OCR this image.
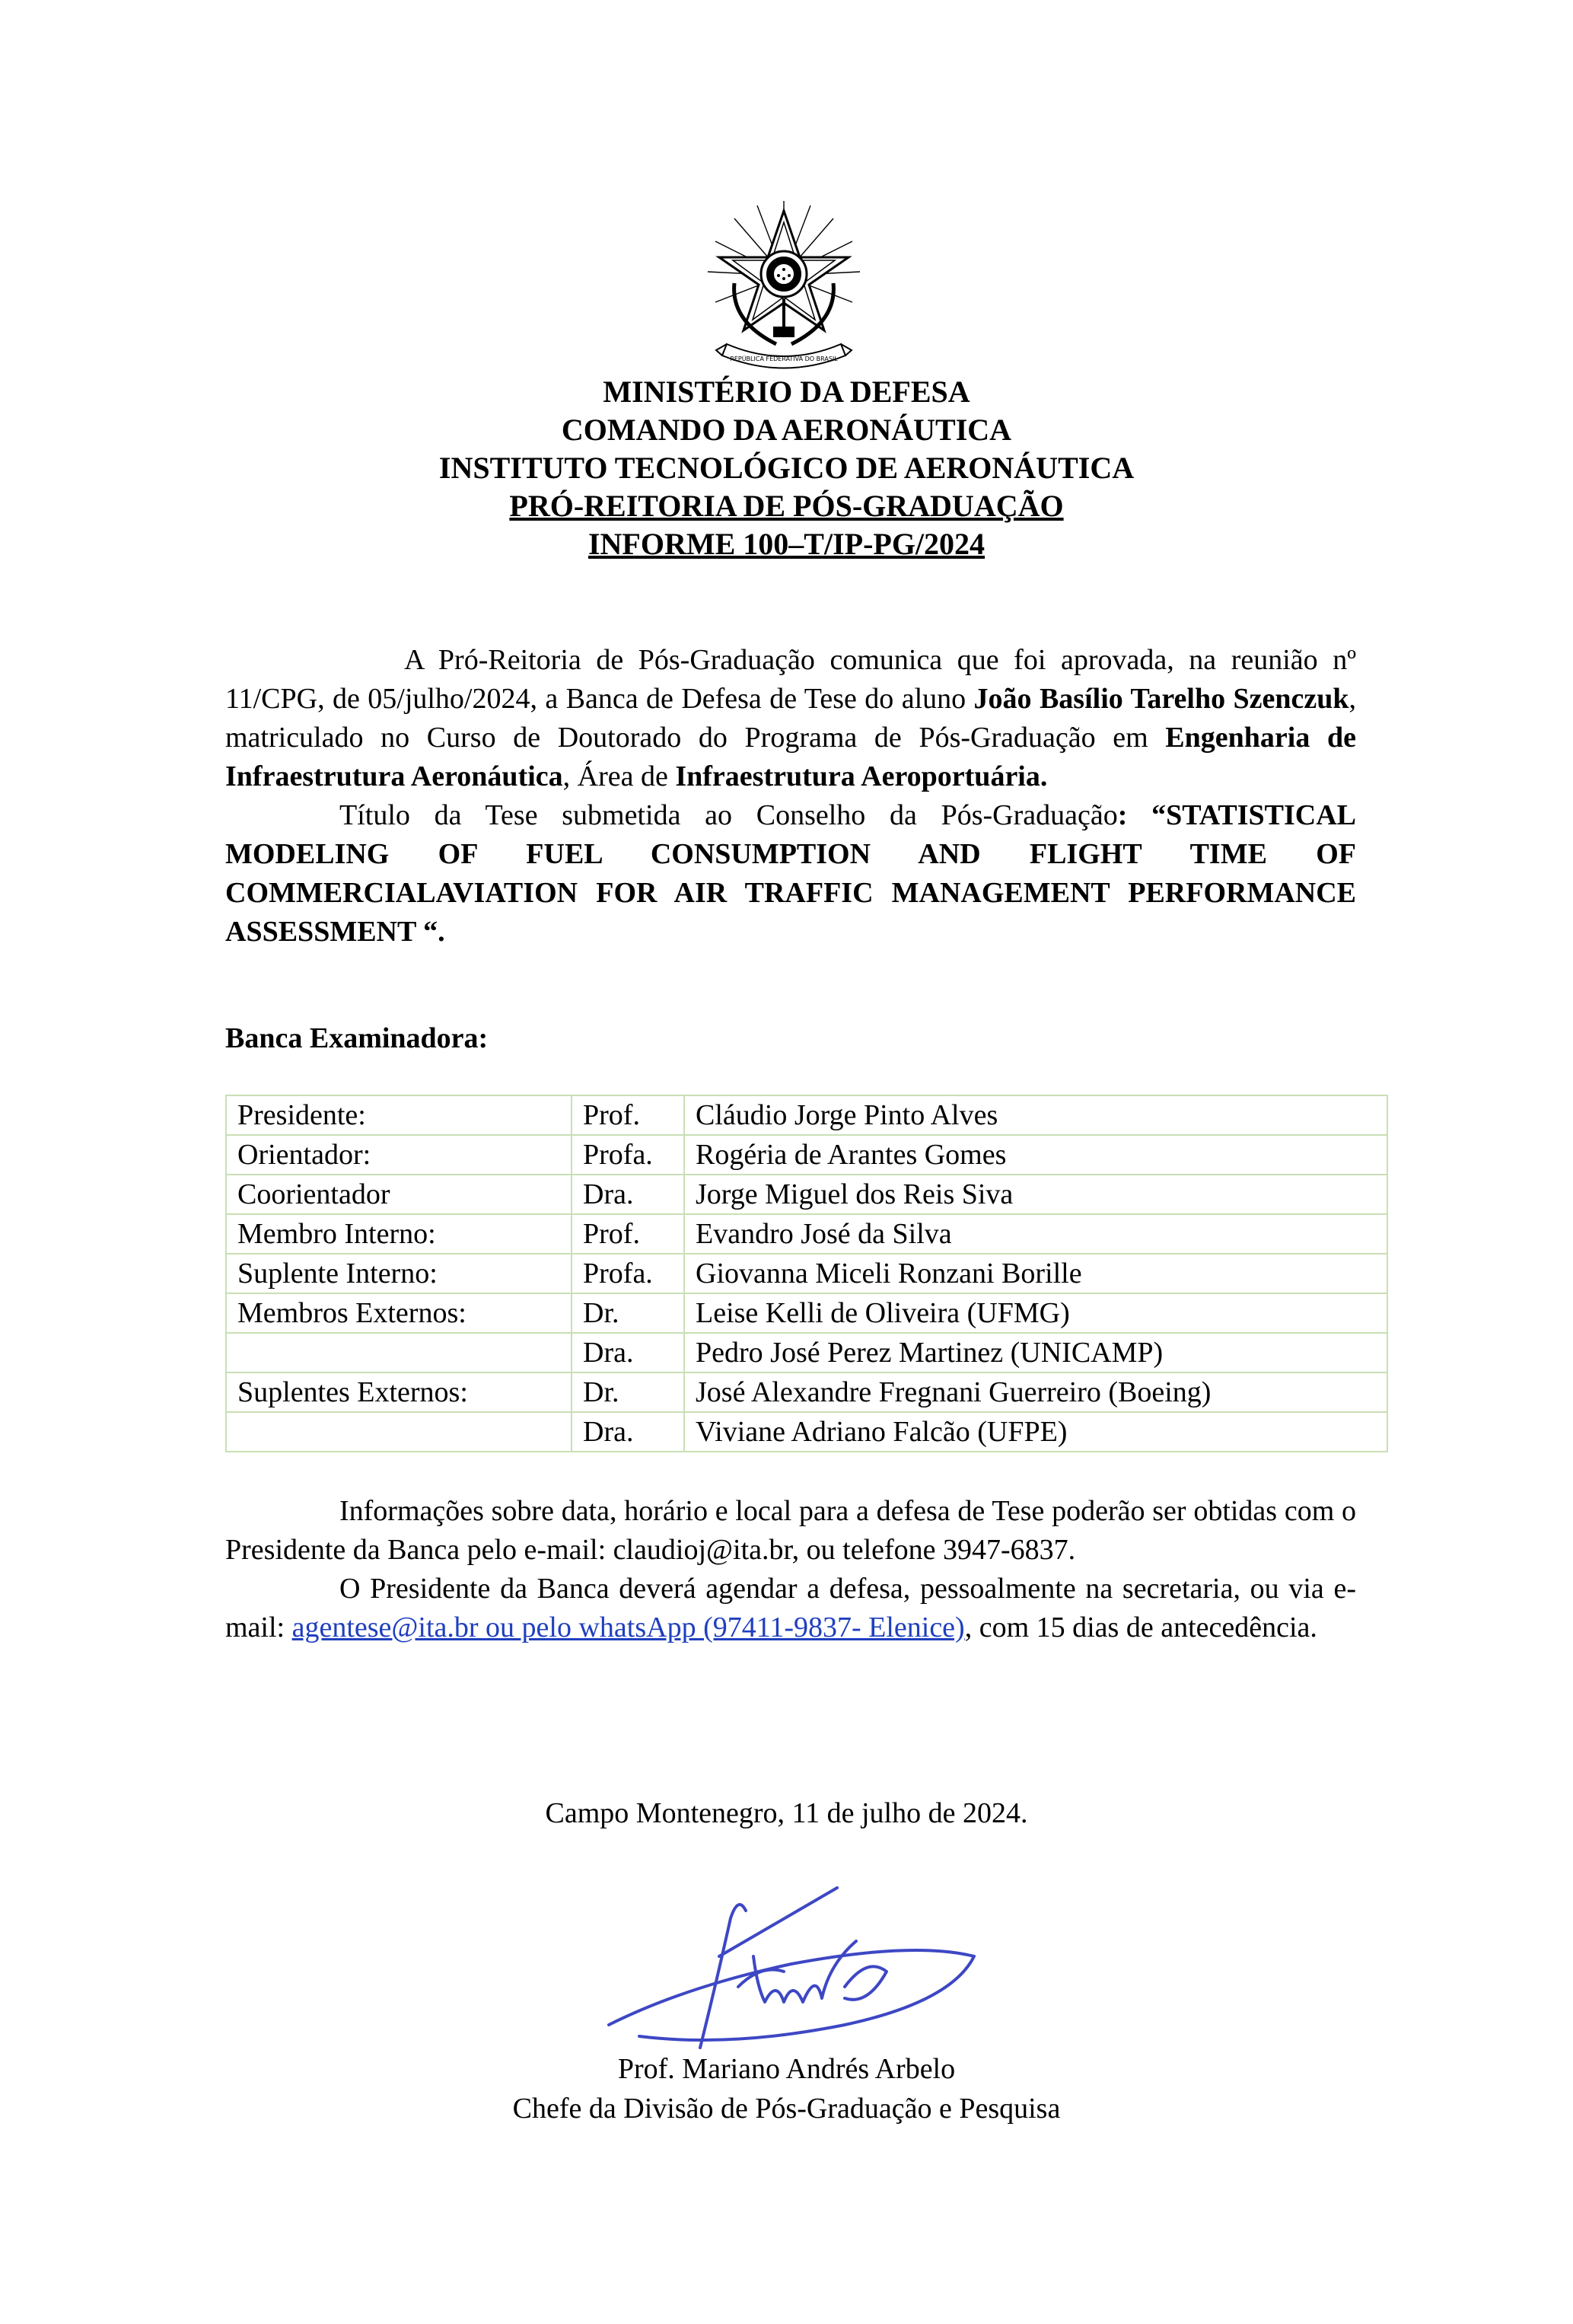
REPÚBLICA FEDERATIVA DO BRASIL
MINISTÉRIO DA DEFESA
COMANDO DA AERONÁUTICA
INSTITUTO TECNOLÓGICO DE AERONÁUTICA
PRÓ-REITORIA DE PÓS-GRADUAÇÃO
INFORME 100–T/IP-PG/2024
A Pró-Reitoria de Pós-Graduação comunica que foi aprovada, na reunião nº 11/CPG, de 05/julho/2024, a Banca de Defesa de Tese do aluno João Basílio Tarelho Szenczuk, matriculado no Curso de Doutorado do Programa de Pós-Graduação em Engenharia de Infraestrutura Aeronáutica, Área de Infraestrutura Aeroportuária.
Título da Tese submetida ao Conselho da Pós-Graduação: “STATISTICAL MODELING OF FUEL CONSUMPTION AND FLIGHT TIME OF COMMERCIALAVIATION FOR AIR TRAFFIC MANAGEMENT PERFORMANCE ASSESSMENT “.
Banca Examinadora:
Presidente:	Prof.	Cláudio Jorge Pinto Alves
Orientador:	Profa.	Rogéria de Arantes Gomes
Coorientador	Dra.	Jorge Miguel dos Reis Siva
Membro Interno:	Prof.	Evandro José da Silva
Suplente Interno:	Profa.	Giovanna Miceli Ronzani Borille
Membros Externos:	Dr.	Leise Kelli de Oliveira (UFMG)
	Dra.	Pedro José Perez Martinez (UNICAMP)
Suplentes Externos:	Dr.	José Alexandre Fregnani Guerreiro (Boeing)
	Dra.	Viviane Adriano Falcão (UFPE)
Informações sobre data, horário e local para a defesa de Tese poderão ser obtidas com o Presidente da Banca pelo e-mail: claudioj@ita.br, ou telefone 3947-6837.
O Presidente da Banca deverá agendar a defesa, pessoalmente na secretaria, ou via e-mail: agentese@ita.br ou pelo whatsApp (97411-9837- Elenice), com 15 dias de antecedência.
Campo Montenegro, 11 de julho de 2024.
Prof. Mariano Andrés Arbelo
Chefe da Divisão de Pós-Graduação e Pesquisa
